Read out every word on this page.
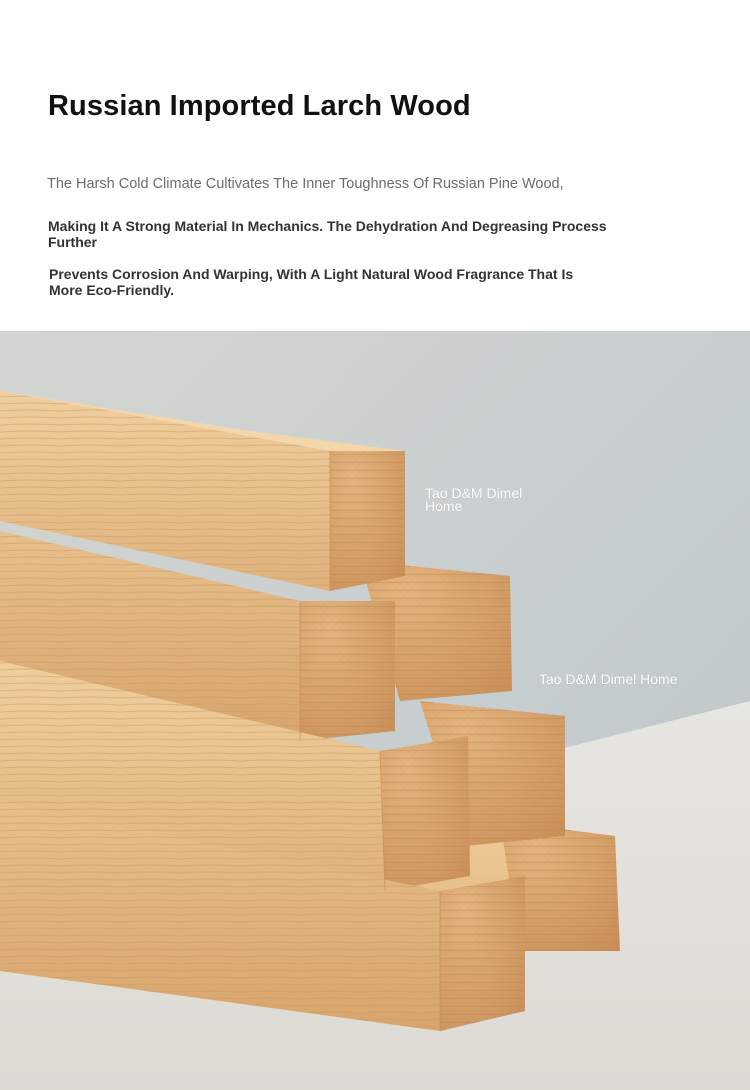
Russian Imported Larch Wood
The Harsh Cold Climate Cultivates The Inner Toughness Of Russian Pine Wood,
Making It A Strong Material In Mechanics. The Dehydration And Degreasing Process Further
Prevents Corrosion And Warping, With A Light Natural Wood Fragrance That Is More Eco-Friendly.
Tao D&M Dimel Home
Tao D&M Dimel Home
